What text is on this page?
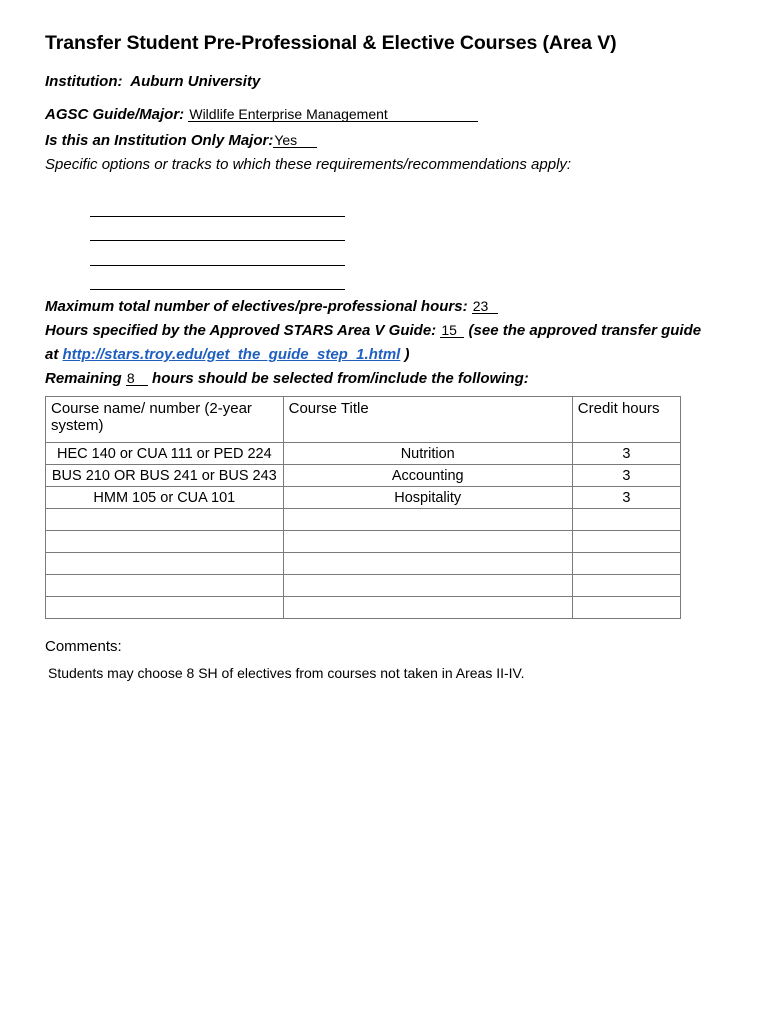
Transfer Student Pre-Professional & Elective Courses (Area V)
Institution: Auburn University
AGSC Guide/Major: Wildlife Enterprise Management
Is this an Institution Only Major:Yes
Specific options or tracks to which these requirements/recommendations apply:
Maximum total number of electives/pre-professional hours: 23
Hours specified by the Approved STARS Area V Guide: 15 (see the approved transfer guide
at http://stars.troy.edu/get_the_guide_step_1.html )
Remaining 8 hours should be selected from/include the following:
Course name/ number (2-year system)	Course Title	Credit hours
HEC 140 or CUA 111 or PED 224	Nutrition	3
BUS 210 OR BUS 241 or BUS 243	Accounting	3
HMM 105 or CUA 101	Hospitality	3

Comments:
Students may choose 8 SH of electives from courses not taken in Areas II-IV.
